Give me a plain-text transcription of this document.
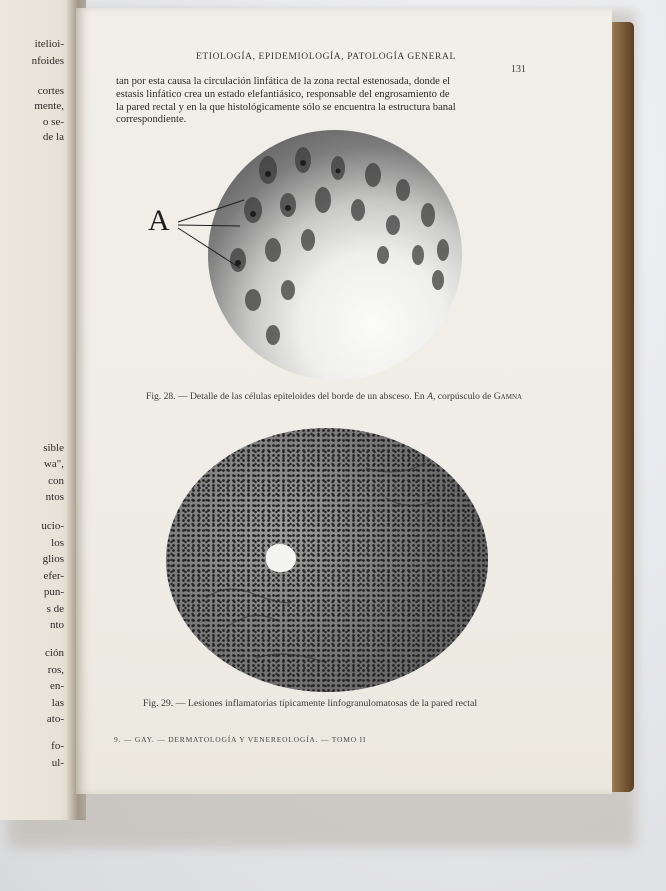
itelioi-
nfoides
cortes
mente,
o se-
de la
sible
wa",
con
ntos
ucio-
los
glios
efer-
pun-
s de
nto
ción
ros,
en-
las
ato-
fo-
ul-
ETIOLOGÍA, EPIDEMIOLOGÍA, PATOLOGÍA GENERAL
131
tan por esta causa la circulación linfática de la zona rectal estenosada, donde el
estasis linfático crea un estado elefantiásico, responsable del engrosamiento de
la pared rectal y en la que histológicamente sólo se encuentra la estructura banal
correspondiente.
A
Fig. 28. — Detalle de las células epiteloides del borde de un absceso. En A, corpúsculo de Gamna
Fig. 29. — Lesiones inflamatorias típicamente linfogranulomatosas de la pared rectal
9. — GAY. — DERMATOLOGÍA Y VENEREOLOGÍA. — TOMO II
